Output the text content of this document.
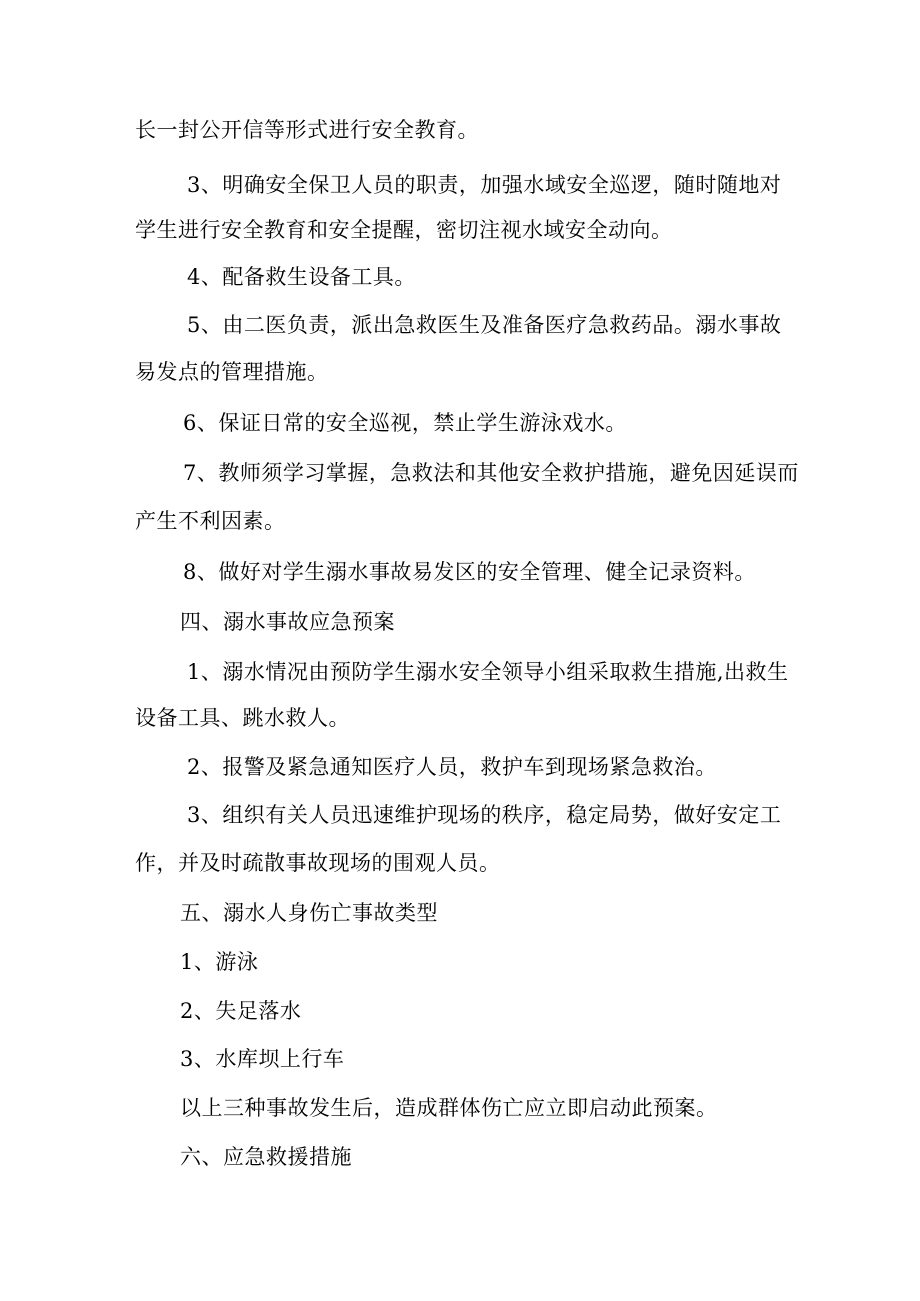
长一封公开信等形式进行安全教育。
3、明确安全保卫人员的职责，加强水域安全巡逻，随时随地对
学生进行安全教育和安全提醒，密切注视水域安全动向。
4、配备救生设备工具。
5、由二医负责，派出急救医生及准备医疗急救药品。溺水事故
易发点的管理措施。
6、保证日常的安全巡视，禁止学生游泳戏水。
7、教师须学习掌握，急救法和其他安全救护措施，避免因延误而
产生不利因素。
8、做好对学生溺水事故易发区的安全管理、健全记录资料。
四、溺水事故应急预案
1、溺水情况由预防学生溺水安全领导小组采取救生措施,出救生
设备工具、跳水救人。
2、报警及紧急通知医疗人员，救护车到现场紧急救治。
3、组织有关人员迅速维护现场的秩序，稳定局势，做好安定工
作，并及时疏散事故现场的围观人员。
五、溺水人身伤亡事故类型
1、游泳
2、失足落水
3、水库坝上行车
以上三种事故发生后，造成群体伤亡应立即启动此预案。
六、应急救援措施
